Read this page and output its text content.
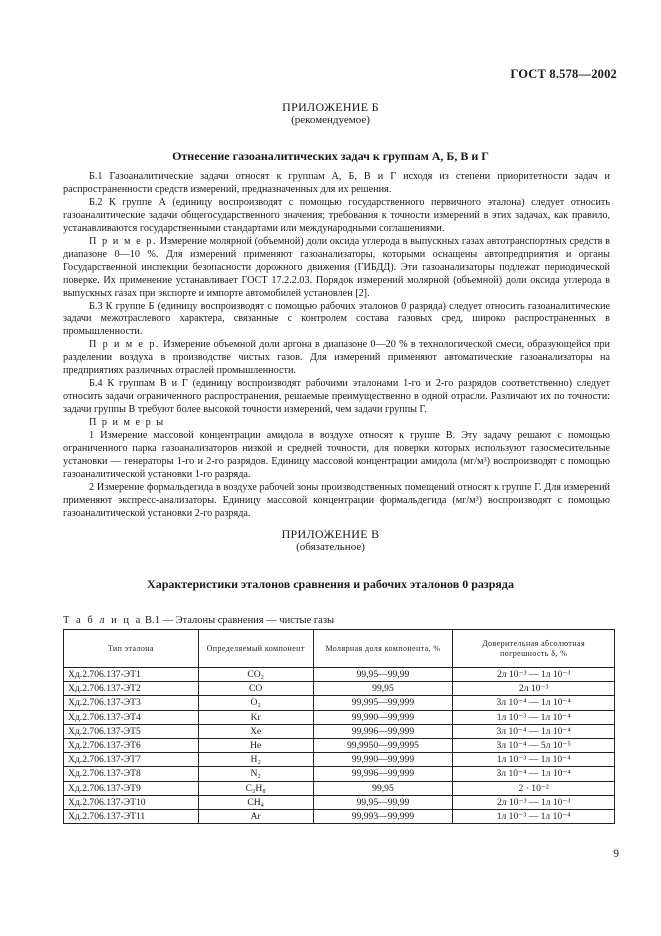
ГОСТ 8.578—2002
ПРИЛОЖЕНИЕ Б
(рекомендуемое)
Отнесение газоаналитических задач к группам А, Б, В и Г

Б.1 Газоаналитические задачи относят к группам А, Б, В и Г исходя из степени приоритетности задач и распространенности средств измерений, предназначенных для их решения.

Б.2 К группе А (единицу воспроизводят с помощью государственного первичного эталона) следует относить газоаналитические задачи общегосударственного значения; требования к точности измерений в этих задачах, как правило, устанавливаются государственными стандартами или международными соглашениями.

П р и м е р. Измерение молярной (объемной) доли оксида углерода в выпускных газах автотранспортных средств в диапазоне 0—10 %. Для измерений применяют газоанализаторы, которыми оснащены автопредприятия и органы Государственной инспекции безопасности дорожного движения (ГИБДД). Эти газоанализаторы подлежат периодической поверке. Их применение устанавливает ГОСТ 17.2.2.03. Порядок измерений молярной (объемной) доли оксида углерода в выпускных газах при экспорте и импорте автомобилей установлен [2].

Б.3 К группе Б (единицу воспроизводят с помощью рабочих эталонов 0 разряда) следует относить газоаналитические задачи межотраслевого характера, связанные с контролем состава газовых сред, широко распространенных в промышленности.

П р и м е р. Измерение объемной доли аргона в диапазоне 0—20 % в технологической смеси, образующейся при разделении воздуха в производстве чистых газов. Для измерений применяют автоматические газоанализаторы на предприятиях различных отраслей промышленности.

Б.4 К группам В и Г (единицу воспроизводят рабочими эталонами 1-го и 2-го разрядов соответственно) следует относить задачи ограниченного распространения, решаемые преимущественно в одной отрасли. Различают их по точности: задачи группы В требуют более высокой точности измерений, чем задачи группы Г.

П р и м е р ы

1 Измерение массовой концентрации амидола в воздухе относят к группе В. Эту задачу решают с помощью ограниченного парка газоанализаторов низкой и средней точности, для поверки которых используют газосмесительные установки — генераторы 1-го и 2-го разрядов. Единицу массовой концентрации амидола (мг/м³) воспроизводят с помощью газоаналитической установки 1-го разряда.

2 Измерение формальдегида в воздухе рабочей зоны производственных помещений относят к группе Г. Для измерений применяют экспресс-анализаторы. Единицу массовой концентрации формальдегида (мг/м³) воспроизводят с помощью газоаналитической установки 2-го разряда.

ПРИЛОЖЕНИЕ В
(обязательное)
Характеристики эталонов сравнения и рабочих эталонов 0 разряда
Т а б л и ц а В.1 — Эталоны сравнения — чистые газы
Тип эталона	Определяемый компонент	Молярная доля компонента, %	Доверительная абсолютная погрешность δ, %
Хд.2.706.137-ЭТ1	CO₂	99,95—99,99	2л 10⁻³ — 1л 10⁻³
Хд.2.706.137-ЭТ2	CO	99,95	2л 10⁻³
Хд.2.706.137-ЭТ3	O₂	99,995—99,999	3л 10⁻⁴ — 1л 10⁻⁴
Хд.2.706.137-ЭТ4	Kr	99,990—99,999	1л 10⁻³ — 1л 10⁻⁴
Хд.2.706.137-ЭТ5	Xe	99,996—99,999	3л 10⁻⁴ — 1л 10⁻⁴
Хд.2.706.137-ЭТ6	He	99,9950—99,9995	3л 10⁻⁴ — 5л 10⁻⁵
Хд.2.706.137-ЭТ7	H₂	99,990—99,999	1л 10⁻³ — 1л 10⁻⁴
Хд.2.706.137-ЭТ8	N₂	99,996—99,999	3л 10⁻⁴ — 1л 10⁻⁴
Хд.2.706.137-ЭТ9	C₃H₈	99,95	2 · 10⁻²
Хд.2.706.137-ЭТ10	CH₄	99,95—99,99	2л 10⁻³ — 1л 10⁻³
Хд.2.706.137-ЭТ11	Ar	99,993—99,999	1л 10⁻³ — 1л 10⁻⁴
9
